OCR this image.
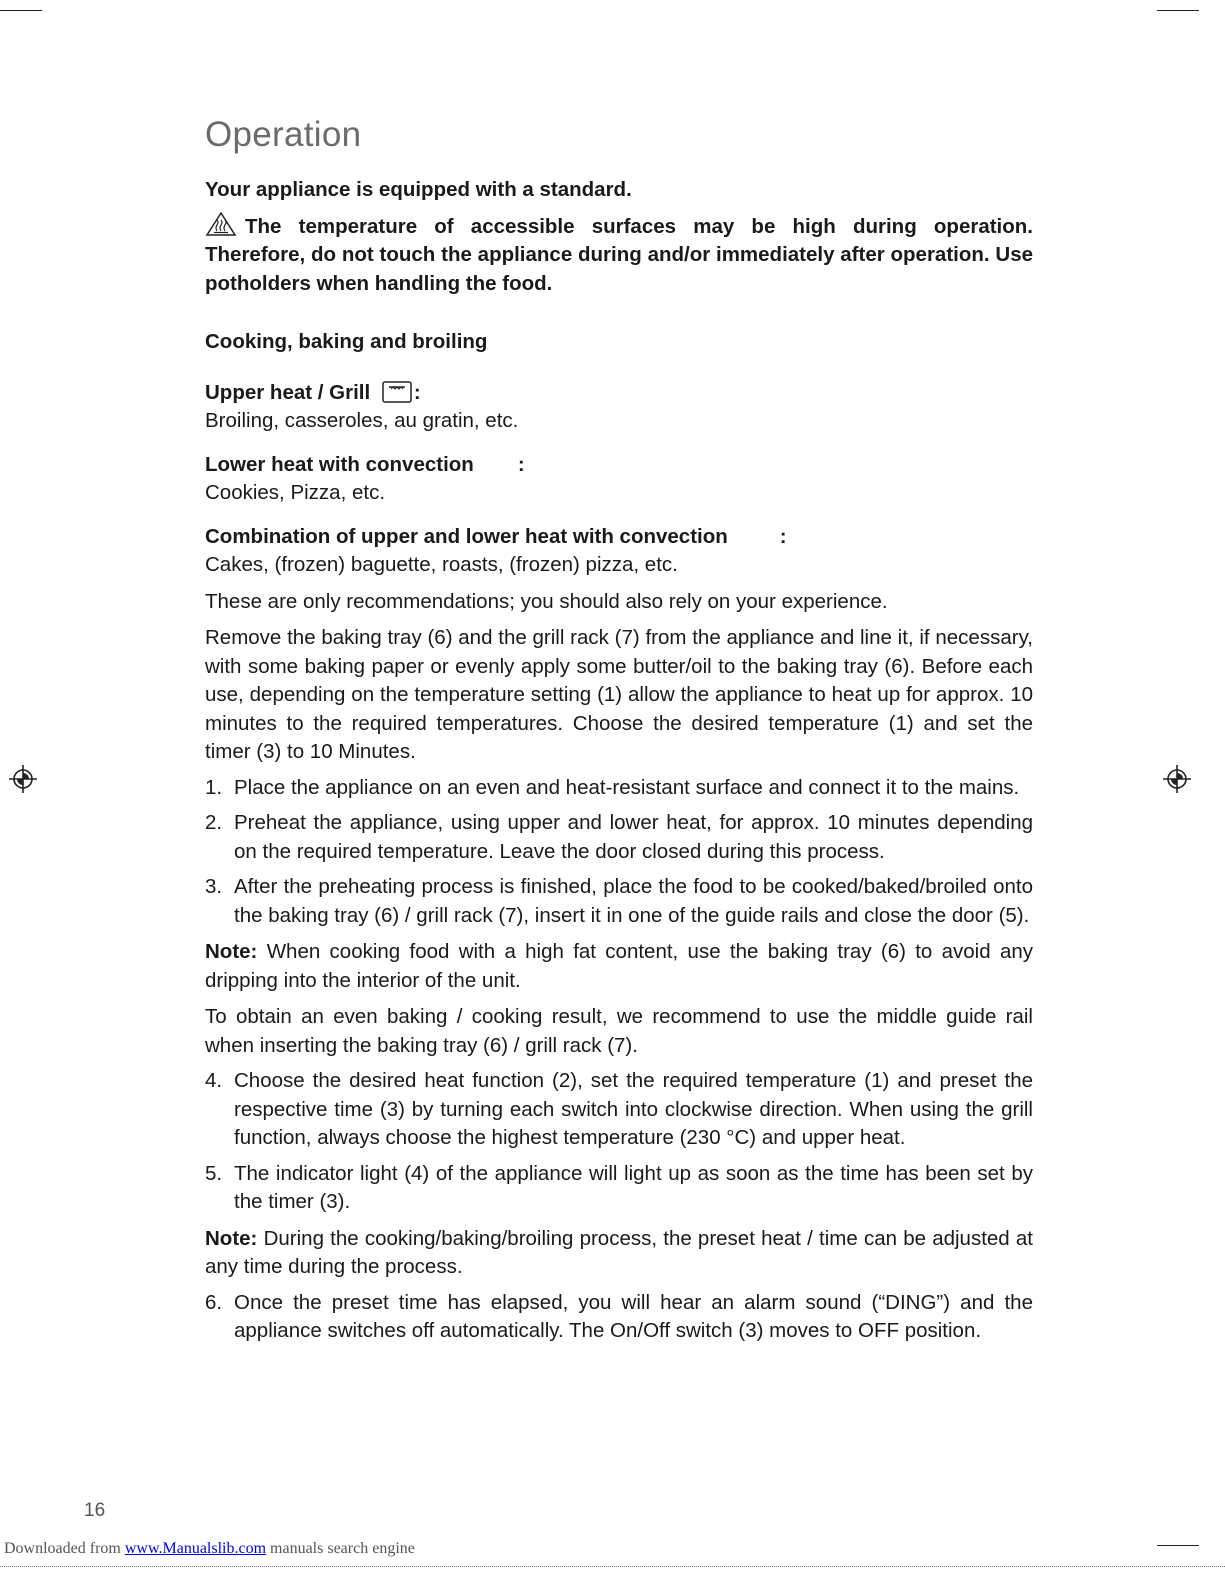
Operation

Your appliance is equipped with a standard.

The temperature of accessible surfaces may be high during operation. Therefore, do not touch the appliance during and/or immediately after operation. Use potholders when handling the food.

Cooking, baking and broiling

Upper heat / Grill :

Broiling, casseroles, au gratin, etc.

Lower heat with convection :

Cookies, Pizza, etc.

Combination of upper and lower heat with convection	:

Cakes, (frozen) baguette, roasts, (frozen) pizza, etc.

These are only recommendations; you should also rely on your experience.

Remove the baking tray (6) and the grill rack (7) from the appliance and line it, if necessary, with some baking paper or evenly apply some butter/oil to the baking tray (6). Before each use, depending on the temperature setting (1) allow the appliance to heat up for approx. 10 minutes to the required temperatures. Choose the desired temperature (1) and set the timer (3) to 10 Minutes.

1. Place the appliance on an even and heat-resistant surface and connect it to the mains.
2. Preheat the appliance, using upper and lower heat, for approx. 10 minutes depending on the required temperature. Leave the door closed during this process.
3. After the preheating process is finished, place the food to be cooked/baked/broiled onto the baking tray (6) / grill rack (7), insert it in one of the guide rails and close the door (5).

Note: When cooking food with a high fat content, use the baking tray (6) to avoid any dripping into the interior of the unit.

To obtain an even baking / cooking result, we recommend to use the middle guide rail when inserting the baking tray (6) / grill rack (7).

4. Choose the desired heat function (2), set the required temperature (1) and preset the respective time (3) by turning each switch into clockwise direction. When using the grill function, always choose the highest temperature (230 °C) and upper heat.
5. The indicator light (4) of the appliance will light up as soon as the time has been set by the timer (3).

Note: During the cooking/baking/broiling process, the preset heat / time can be adjusted at any time during the process.

6. Once the preset time has elapsed, you will hear an alarm sound (“DING”) and the appliance switches off automatically. The On/Off switch (3) moves to OFF position.
16
Downloaded from www.Manualslib.com manuals search engine
